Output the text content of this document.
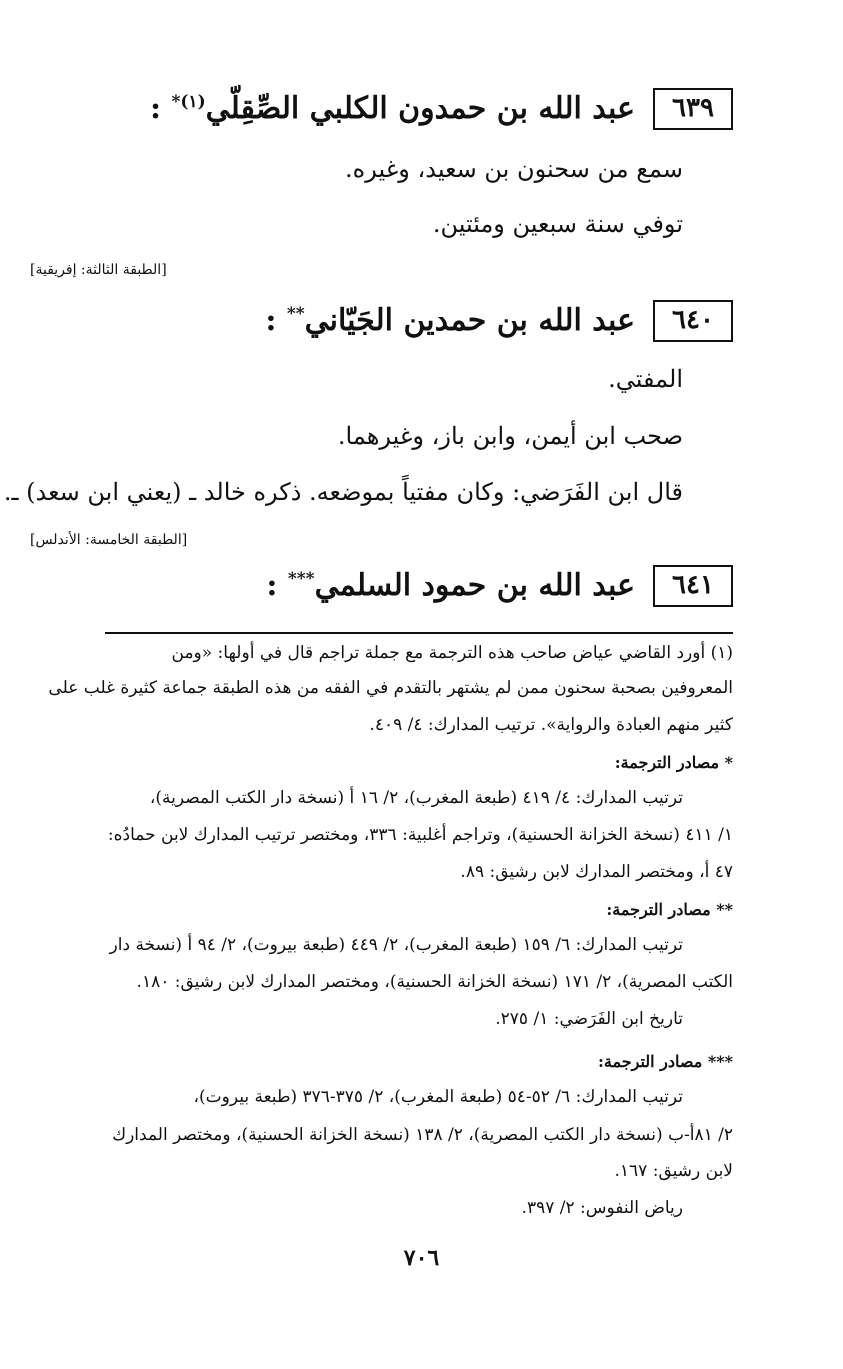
٦٣٩
عبد الله بن حمدون الكلبي الصِّقِلّي$^{(١)*}$ :
سمع من سحنون بن سعيد، وغيره.
توفي سنة سبعين ومئتين.
[الطبقة الثالثة: إفريقية]
٦٤٠
عبد الله بن حمدين الجَيّاني** :
المفتي.
صحب ابن أيمن، وابن باز، وغيرهما.
قال ابن الفَرَضي: وكان مفتياً بموضعه. ذكره خالد ـ (يعني ابن سعد) ـ.
[الطبقة الخامسة: الأندلس]
٦٤١
عبد الله بن حمود السلمي*** :
(١) أورد القاضي عياض صاحب هذه الترجمة مع جملة تراجم قال في أولها: «ومن
المعروفين بصحبة سحنون ممن لم يشتهر بالتقدم في الفقه من هذه الطبقة جماعة كثيرة غلب على
كثير منهم العبادة والرواية». ترتيب المدارك: ٤/ ٤٠٩.
* مصادر الترجمة:
ترتيب المدارك: ٤/ ٤١٩ (طبعة المغرب)، ٢/ ١٦ أ (نسخة دار الكتب المصرية)،
١/ ٤١١ (نسخة الخزانة الحسنية)، وتراجم أغلبية: ٣٣٦، ومختصر ترتيب المدارك لابن حمادُه:
٤٧ أ، ومختصر المدارك لابن رشيق: ٨٩.
** مصادر الترجمة:
ترتيب المدارك: ٦/ ١٥٩ (طبعة المغرب)، ٢/ ٤٤٩ (طبعة بيروت)، ٢/ ٩٤ أ (نسخة دار
الكتب المصرية)، ٢/ ١٧١ (نسخة الخزانة الحسنية)، ومختصر المدارك لابن رشيق: ١٨٠.
تاريخ ابن الفَرَضي: ١/ ٢٧٥.
*** مصادر الترجمة:
ترتيب المدارك: ٦/ ٥٢-٥٤ (طبعة المغرب)، ٢/ ٣٧٥-٣٧٦ (طبعة بيروت)،
٢/ ٨١أ-ب (نسخة دار الكتب المصرية)، ٢/ ١٣٨ (نسخة الخزانة الحسنية)، ومختصر المدارك
لابن رشيق: ١٦٧.
رياض النفوس: ٢/ ٣٩٧.
٧٠٦
